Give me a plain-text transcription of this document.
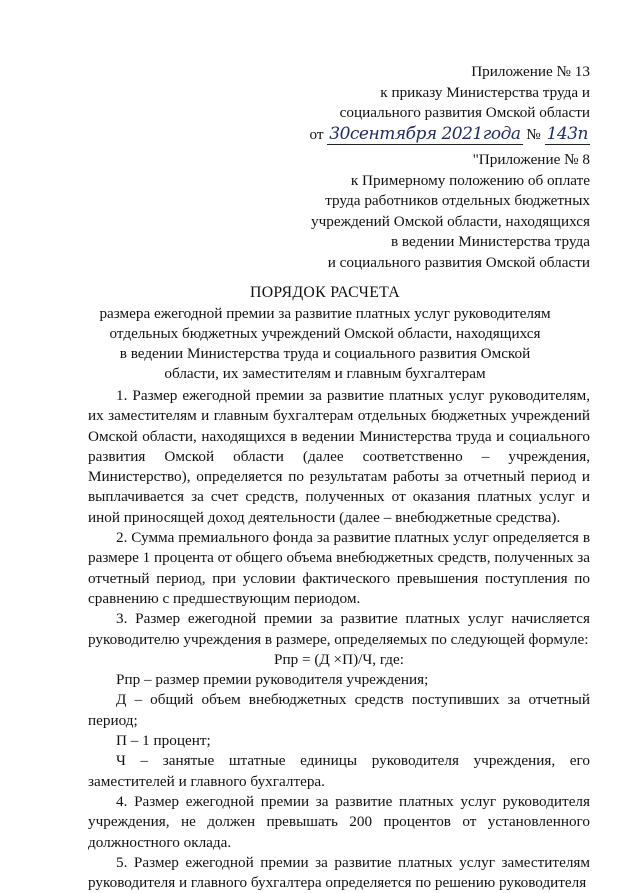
Приложение № 13
к приказу Министерства труда и
социального развития Омской области
от 30сентября 2021года № 143п
"Приложение № 8
к Примерному положению об оплате
труда работников отдельных бюджетных
учреждений Омской области, находящихся
в ведении Министерства труда
и социального развития Омской области
ПОРЯДОК РАСЧЕТА
размера ежегодной премии за развитие платных услуг руководителям
отдельных бюджетных учреждений Омской области, находящихся
в ведении Министерства труда и социального развития Омской
области, их заместителям и главным бухгалтерам

1. Размер ежегодной премии за развитие платных услуг руководителям, их заместителям и главным бухгалтерам отдельных бюджетных учреждений Омской области, находящихся в ведении Министерства труда и социального развития Омской области (далее соответственно – учреждения, Министерство), определяется по результатам работы за отчетный период и выплачивается за счет средств, полученных от оказания платных услуг и иной приносящей доход деятельности (далее – внебюджетные средства).

2. Сумма премиального фонда за развитие платных услуг определяется в размере 1 процента от общего объема внебюджетных средств, полученных за отчетный период, при условии фактического превышения поступления по сравнению с предшествующим периодом.

3. Размер ежегодной премии за развитие платных услуг начисляется руководителю учреждения в размере, определяемых по следующей формуле:

Рпр = (Д ×П)/Ч, где:

Рпр – размер премии руководителя учреждения;

Д – общий объем внебюджетных средств поступивших за отчетный период;

П – 1 процент;

Ч – занятые штатные единицы руководителя учреждения, его заместителей и главного бухгалтера.

4. Размер ежегодной премии за развитие платных услуг руководителя учреждения, не должен превышать 200 процентов от установленного должностного оклада.

5. Размер ежегодной премии за развитие платных услуг заместителям руководителя и главного бухгалтера определяется по решению руководителя
